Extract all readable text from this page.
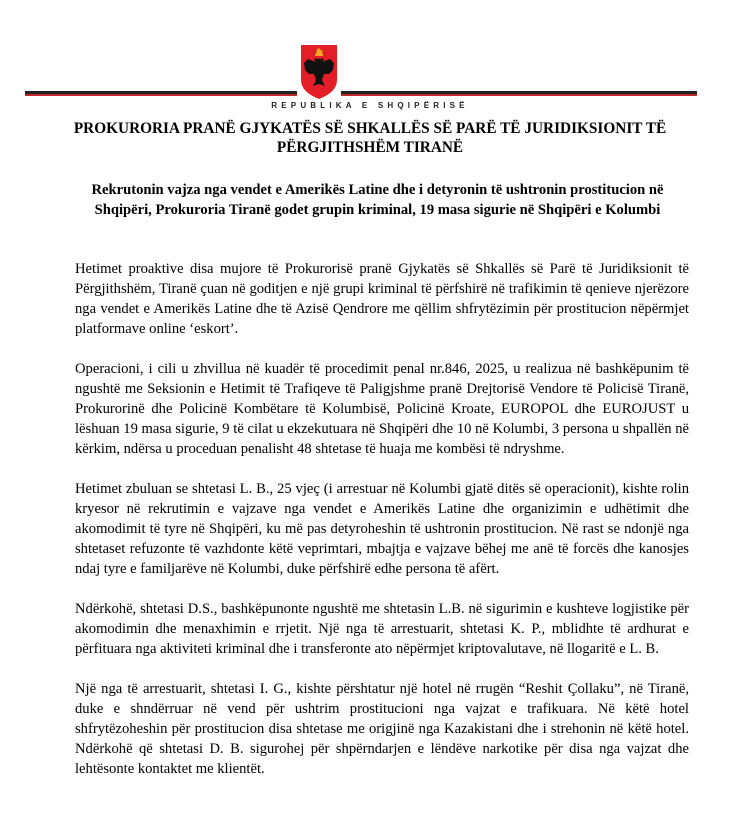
REPUBLIKA E SHQIPËRISË
PROKURORIA PRANË GJYKATËS SË SHKALLËS SË PARË TË JURIDIKSIONIT TË PËRGJITHSHËM TIRANË
Rekrutonin vajza nga vendet e Amerikës Latine dhe i detyronin të ushtronin prostitucion në Shqipëri, Prokuroria Tiranë godet grupin kriminal, 19 masa sigurie në Shqipëri e Kolumbi

Hetimet proaktive disa mujore të Prokurorisë pranë Gjykatës së Shkallës së Parë të Juridiksionit të Përgjithshëm, Tiranë çuan në goditjen e një grupi kriminal të përfshirë në trafikimin të qenieve njerëzore nga vendet e Amerikës Latine dhe të Azisë Qendrore me qëllim shfrytëzimin për prostitucion nëpërmjet platformave online ‘eskort’.

Operacioni, i cili u zhvillua në kuadër të procedimit penal nr.846, 2025, u realizua në bashkëpunim të ngushtë me Seksionin e Hetimit të Trafiqeve të Paligjshme pranë Drejtorisë Vendore të Policisë Tiranë, Prokurorinë dhe Policinë Kombëtare të Kolumbisë, Policinë Kroate, EUROPOL dhe EUROJUST u lëshuan 19 masa sigurie, 9 të cilat u ekzekutuara në Shqipëri dhe 10 në Kolumbi, 3 persona u shpallën në kërkim, ndërsa u proceduan penalisht 48 shtetase të huaja me kombësi të ndryshme.

Hetimet zbuluan se shtetasi L. B., 25 vjeç (i arrestuar në Kolumbi gjatë ditës së operacionit), kishte rolin kryesor në rekrutimin e vajzave nga vendet e Amerikës Latine dhe organizimin e udhëtimit dhe akomodimit të tyre në Shqipëri, ku më pas detyroheshin të ushtronin prostitucion. Në rast se ndonjë nga shtetaset refuzonte të vazhdonte këtë veprimtari, mbajtja e vajzave bëhej me anë të forcës dhe kanosjes ndaj tyre e familjarëve në Kolumbi, duke përfshirë edhe persona të afërt.

Ndërkohë, shtetasi D.S., bashkëpunonte ngushtë me shtetasin L.B. në sigurimin e kushteve logjistike për akomodimin dhe menaxhimin e rrjetit. Një nga të arrestuarit, shtetasi K. P., mblidhte të ardhurat e përfituara nga aktiviteti kriminal dhe i transferonte ato nëpërmjet kriptovalutave, në llogaritë e L. B.

Një nga të arrestuarit, shtetasi I. G., kishte përshtatur një hotel në rrugën “Reshit Çollaku”, në Tiranë, duke e shndërruar në vend për ushtrim prostitucioni nga vajzat e trafikuara. Në këtë hotel shfrytëzoheshin për prostitucion disa shtetase me origjinë nga Kazakistani dhe i strehonin në këtë hotel. Ndërkohë që shtetasi D. B. sigurohej për shpërndarjen e lëndëve narkotike për disa nga vajzat dhe lehtësonte kontaktet me klientët.
